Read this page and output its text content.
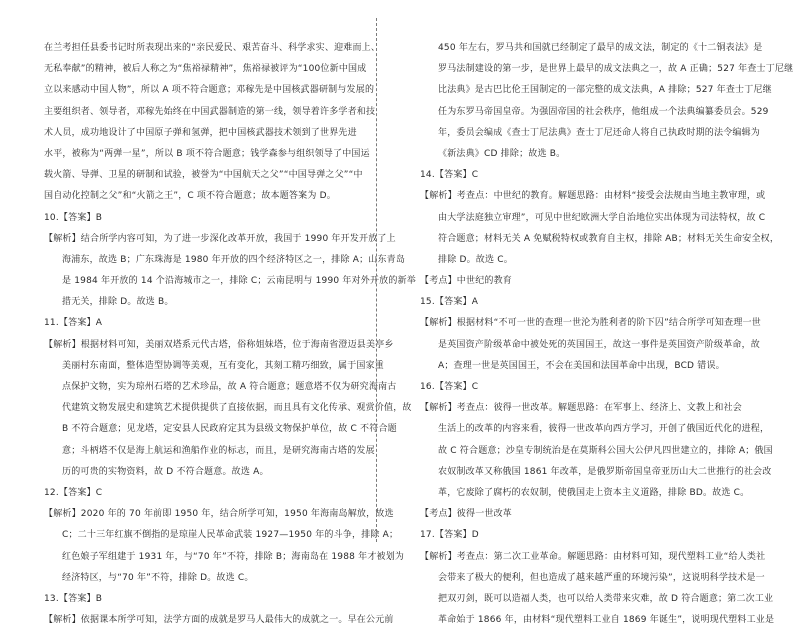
在兰考担任县委书记时所表现出来的“亲民爱民、艰苦奋斗、科学求实、迎难而上、
无私奉献”的精神，被后人称之为“焦裕禄精神”，焦裕禄被评为“100位新中国成
立以来感动中国人物”，所以 A 项不符合题意；邓稼先是中国核武器研制与发展的
主要组织者、领导者，邓稼先始终在中国武器制造的第一线，领导着许多学者和技
术人员，成功地设计了中国原子弹和氢弹，把中国核武器技术领到了世界先进
水平，被称为“两弹一星”，所以 B 项不符合题意；钱学森参与组织领导了中国运
载火箭、导弹、卫星的研制和试验，被誉为“中国航天之父”“中国导弹之父”“中
国自动化控制之父”和“火箭之王”，C 项不符合题意；故本题答案为 D。
10.【答案】B
【解析】结合所学内容可知，为了进一步深化改革开放，我国于 1990 年开发开放了上
海浦东，故选 B；广东珠海是 1980 年开放的四个经济特区之一，排除 A；山东青岛
是 1984 年开放的 14 个沿海城市之一，排除 C；云南昆明与 1990 年对外开放的新举
措无关，排除 D。故选 B。
11.【答案】A
【解析】根据材料可知，美丽双塔系元代古塔，俗称姐妹塔，位于海南省澄迈县美亭乡
美丽村东南面，整体造型协调等美观，互有变化，其刻工精巧细致，属于国家重
点保护文物，实为琼州石塔的艺术珍品，故 A 符合题意；题意塔不仅为研究海南古
代建筑文物发展史和建筑艺术提供提供了直接依据，而且具有文化传承、观赏价值，故
B 不符合题意；见龙塔，定安县人民政府定其为县级文物保护单位，故 C 不符合题
意；斗柄塔不仅是海上航运和渔船作业的标志，而且，是研究海南古塔的发展
历的可贵的实物资料，故 D 不符合题意。故选 A。
12.【答案】C
【解析】2020 年的 70 年前即 1950 年，结合所学可知，1950 年海南岛解放，故选
C；二十三年红旗不倒指的是琼崖人民革命武装 1927—1950 年的斗争，排除 A；
红色娘子军组建于 1931 年，与“70 年”不符，排除 B；海南岛在 1988 年才被划为
经济特区，与“70 年”不符，排除 D。故选 C。
13.【答案】B
【解析】依据课本所学可知，法学方面的成就是罗马人最伟大的成就之一。早在公元前
450 年左右，罗马共和国就已经制定了最早的成文法，制定的《十二铜表法》是
罗马法制建设的第一步，是世界上最早的成文法典之一，故 A 正确；527 年查士丁尼继
比法典》是古巴比伦王国制定的一部完整的成文法典，A 排除；527 年查士丁尼继
任为东罗马帝国皇帝。为强固帝国的社会秩序，他组成一个法典编纂委员会。529
年，委员会编成《查士丁尼法典》查士丁尼还命人将自己执政时期的法令编辑为
《新法典》CD 排除；故选 B。
14.【答案】C
【解析】考查点：中世纪的教育。解题思路：由材料“接受会法规由当地主教审理，或
由大学法庭独立审理”，可见中世纪欧洲大学自治地位实出体现为司法特权，故 C
符合题意；材料无关 A 免赋税特权或教育自主权，排除 AB；材料无关生命安全权，
排除 D。故选 C。
【考点】中世纪的教育
15.【答案】A
【解析】根据材料“不可一世的查理一世沦为胜利者的阶下囚”结合所学可知查理一世
是英国资产阶级革命中被处死的英国国王，故这一事件是英国资产阶级革命，故
A；查理一世是英国国王，不会在美国和法国革命中出现，BCD 错误。
16.【答案】C
【解析】考查点：彼得一世改革。解题思路：在军事上、经济上、文教上和社会
生活上的改革的内容来看，彼得一世改革向西方学习，开创了俄国近代化的进程，
故 C 符合题意；沙皇专制统治是在莫斯科公国大公伊凡四世建立的，排除 A；俄国
农奴制改革又称俄国 1861 年改革，是俄罗斯帝国皇帝亚历山大二世推行的社会改
革，它废除了腐朽的农奴制，使俄国走上资本主义道路，排除 BD。故选 C。
【考点】彼得一世改革
17.【答案】D
【解析】考查点：第二次工业革命。解题思路：由材料可知，现代塑料工业“给人类社
会带来了极大的便利，但也造成了越来越严重的环境污染”，这说明科学技术是一
把双刃剑，既可以造福人类，也可以给人类带来灾难，故 D 符合题意；第二次工业
革命始于 1866 年，由材料“现代塑料工业自 1869 年诞生”，说明现代塑料工业是
